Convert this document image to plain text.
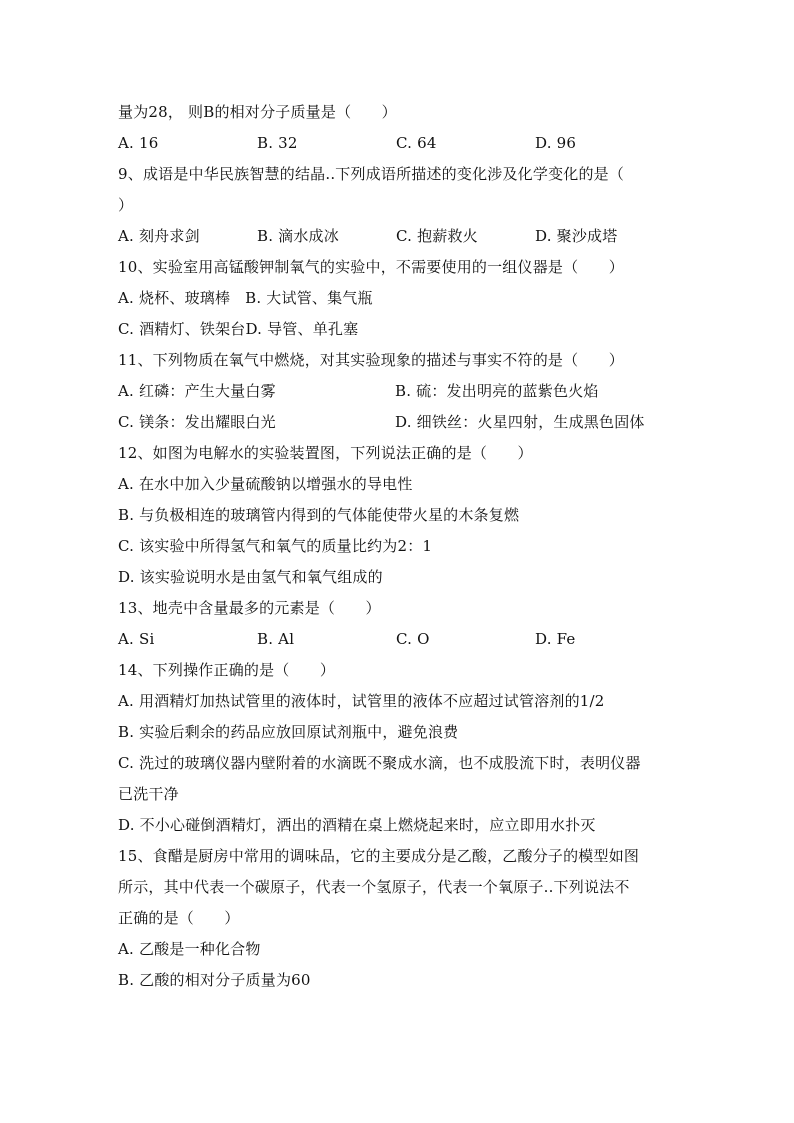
量为28， 则B的相对分子质量是（　　）
A. 16	B. 32	C. 64	D. 96
9、成语是中华民族智慧的结晶..下列成语所描述的变化涉及化学变化的是（
）
A. 刻舟求剑	B. 滴水成冰	C. 抱薪救火	D. 聚沙成塔
10、实验室用高锰酸钾制氧气的实验中，不需要使用的一组仪器是（　　）
A. 烧杯、玻璃棒 B. 大试管、集气瓶
C. 酒精灯、铁架台D. 导管、单孔塞
11、下列物质在氧气中燃烧，对其实验现象的描述与事实不符的是（　　）
A. 红磷：产生大量白雾	B. 硫：发出明亮的蓝紫色火焰
C. 镁条：发出耀眼白光	D. 细铁丝：火星四射，生成黑色固体
12、如图为电解水的实验装置图，下列说法正确的是（　　）
A. 在水中加入少量硫酸钠以增强水的导电性
B. 与负极相连的玻璃管内得到的气体能使带火星的木条复燃
C. 该实验中所得氢气和氧气的质量比约为2：1
D. 该实验说明水是由氢气和氧气组成的
13、地壳中含量最多的元素是（　　）
A. Si	B. Al	C. O	D. Fe
14、下列操作正确的是（　　）
A. 用酒精灯加热试管里的液体时，试管里的液体不应超过试管溶剂的1/2
B. 实验后剩余的药品应放回原试剂瓶中，避免浪费
C. 洗过的玻璃仪器内壁附着的水滴既不聚成水滴，也不成股流下时，表明仪器
已洗干净
D. 不小心碰倒酒精灯，洒出的酒精在桌上燃烧起来时，应立即用水扑灭
15、食醋是厨房中常用的调味品，它的主要成分是乙酸，乙酸分子的模型如图
所示，其中代表一个碳原子，代表一个氢原子，代表一个氧原子..下列说法不
正确的是（　　）
A. 乙酸是一种化合物
B. 乙酸的相对分子质量为60
